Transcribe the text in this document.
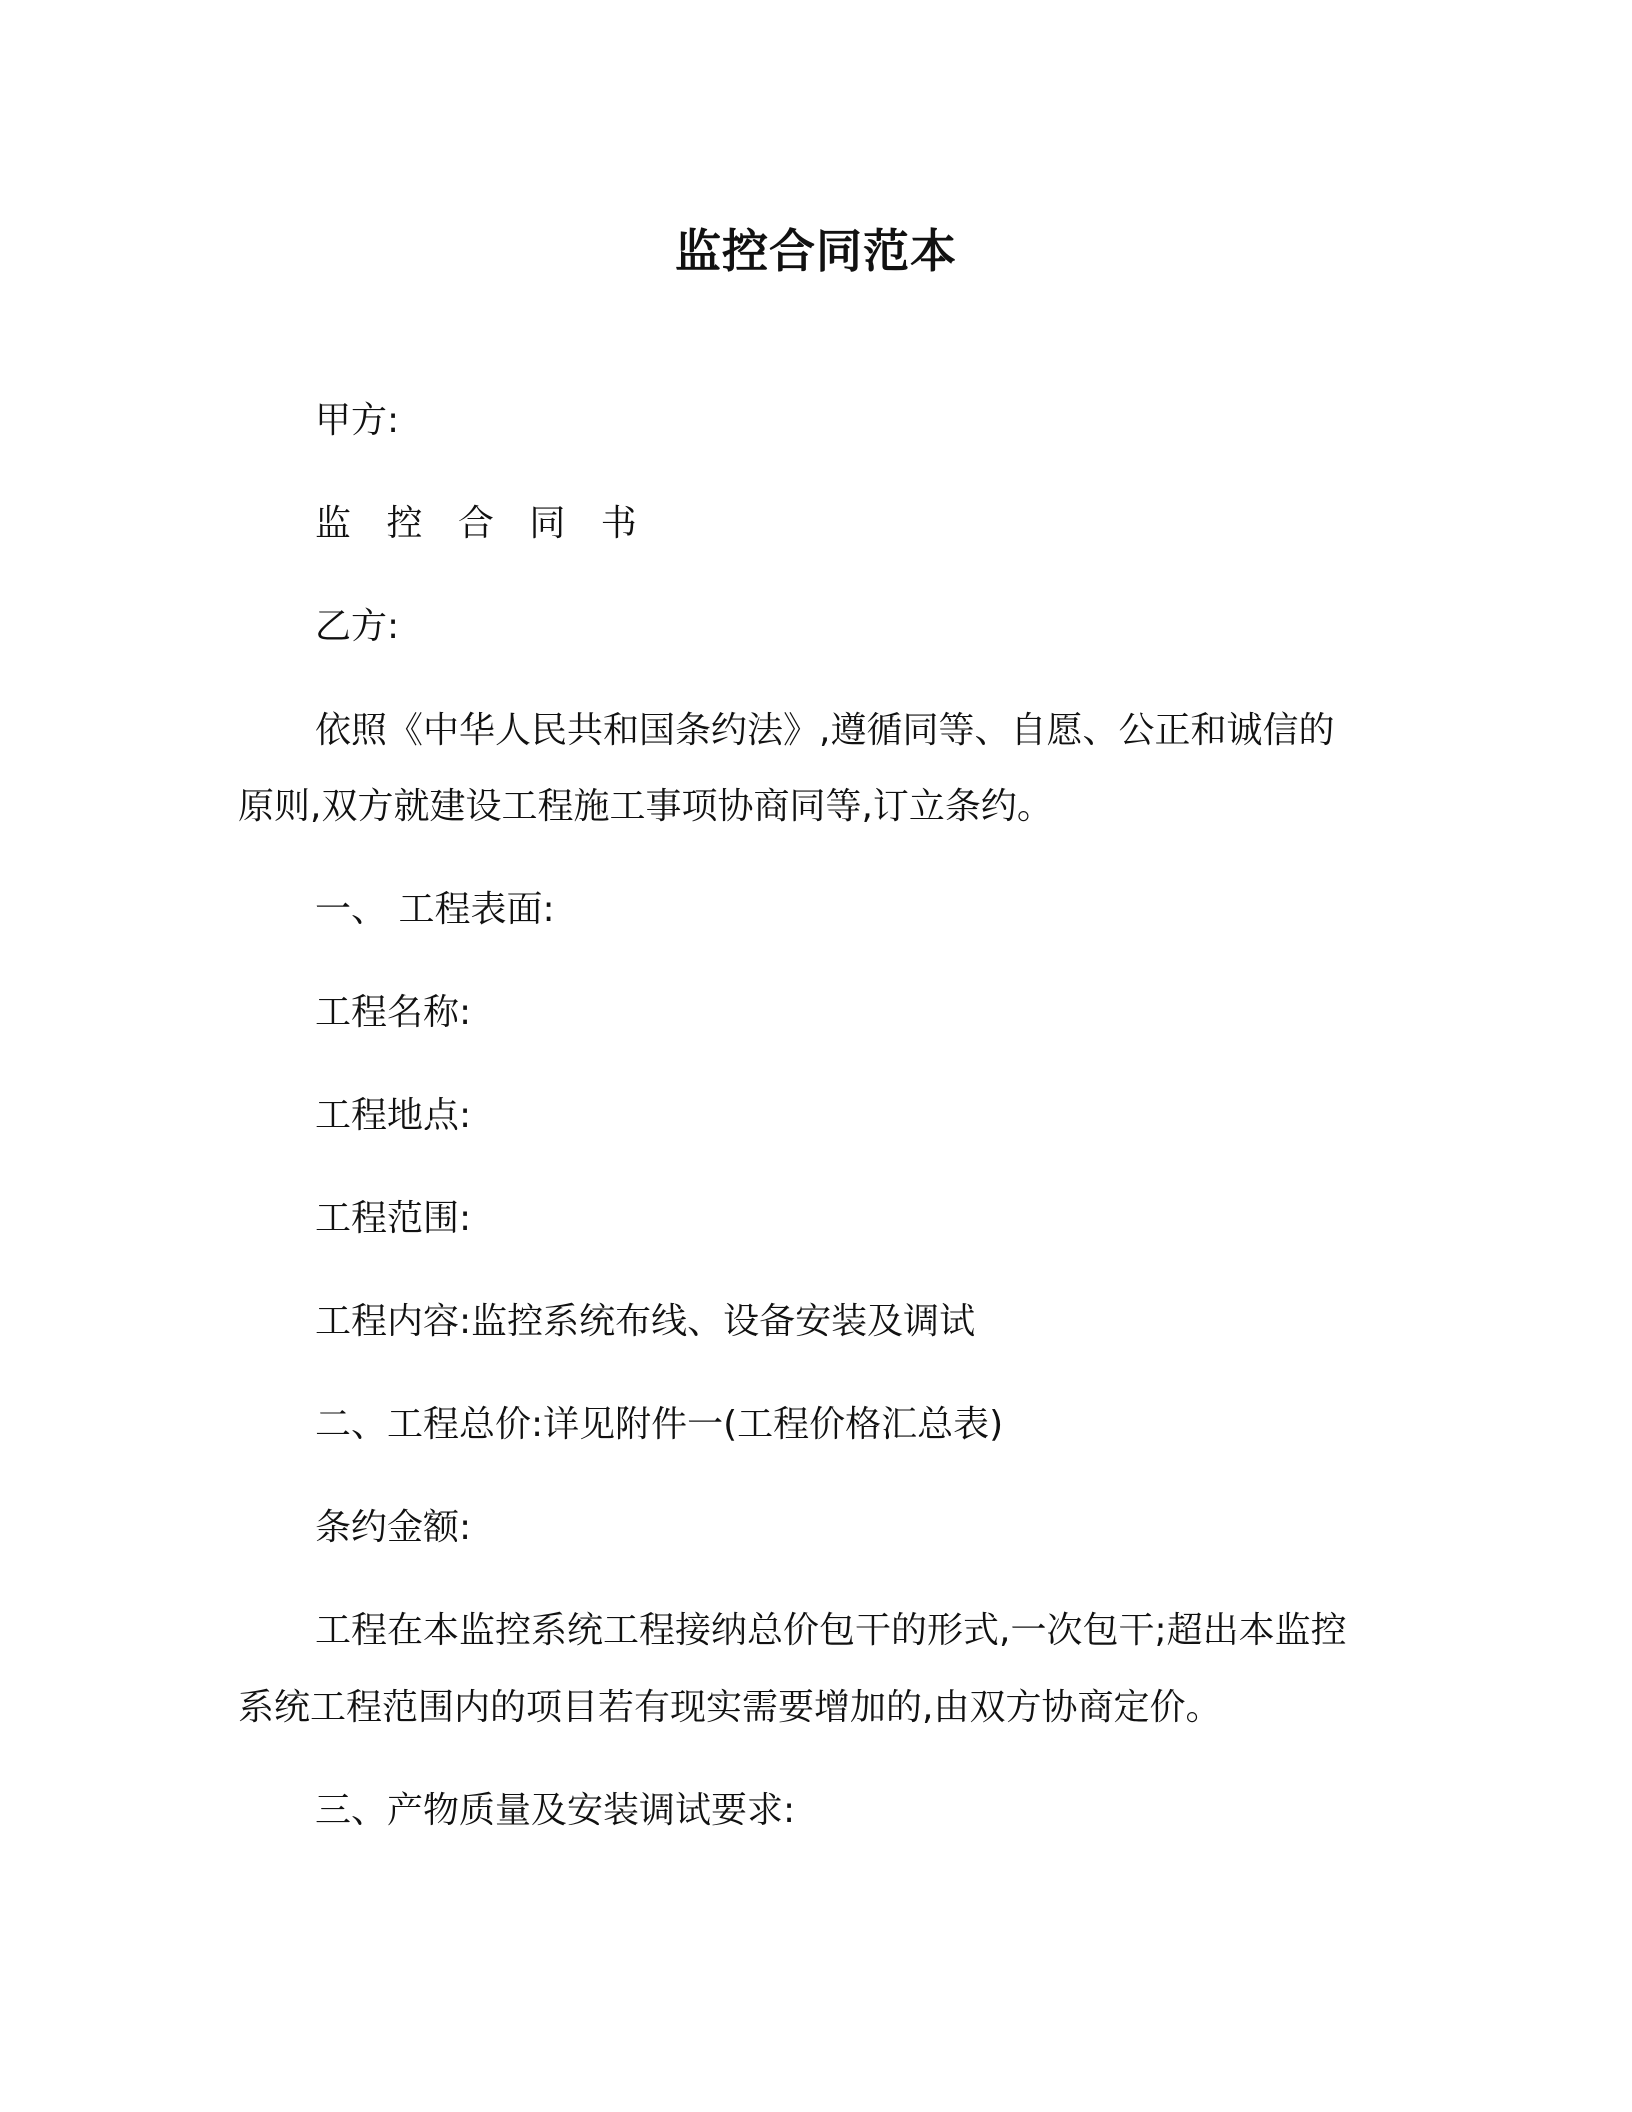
监控合同范本
甲方:
监 控 合 同 书
乙方:
依照《中华人民共和国条约法》,遵循同等、自愿、公正和诚信的
原则,双方就建设工程施工事项协商同等,订立条约。
一、 工程表面:
工程名称:
工程地点:
工程范围:
工程内容:监控系统布线、设备安装及调试
二、工程总价:详见附件一(工程价格汇总表)
条约金额:
工程在本监控系统工程接纳总价包干的形式,一次包干;超出本监控
系统工程范围内的项目若有现实需要增加的,由双方协商定价。
三、产物质量及安装调试要求:
